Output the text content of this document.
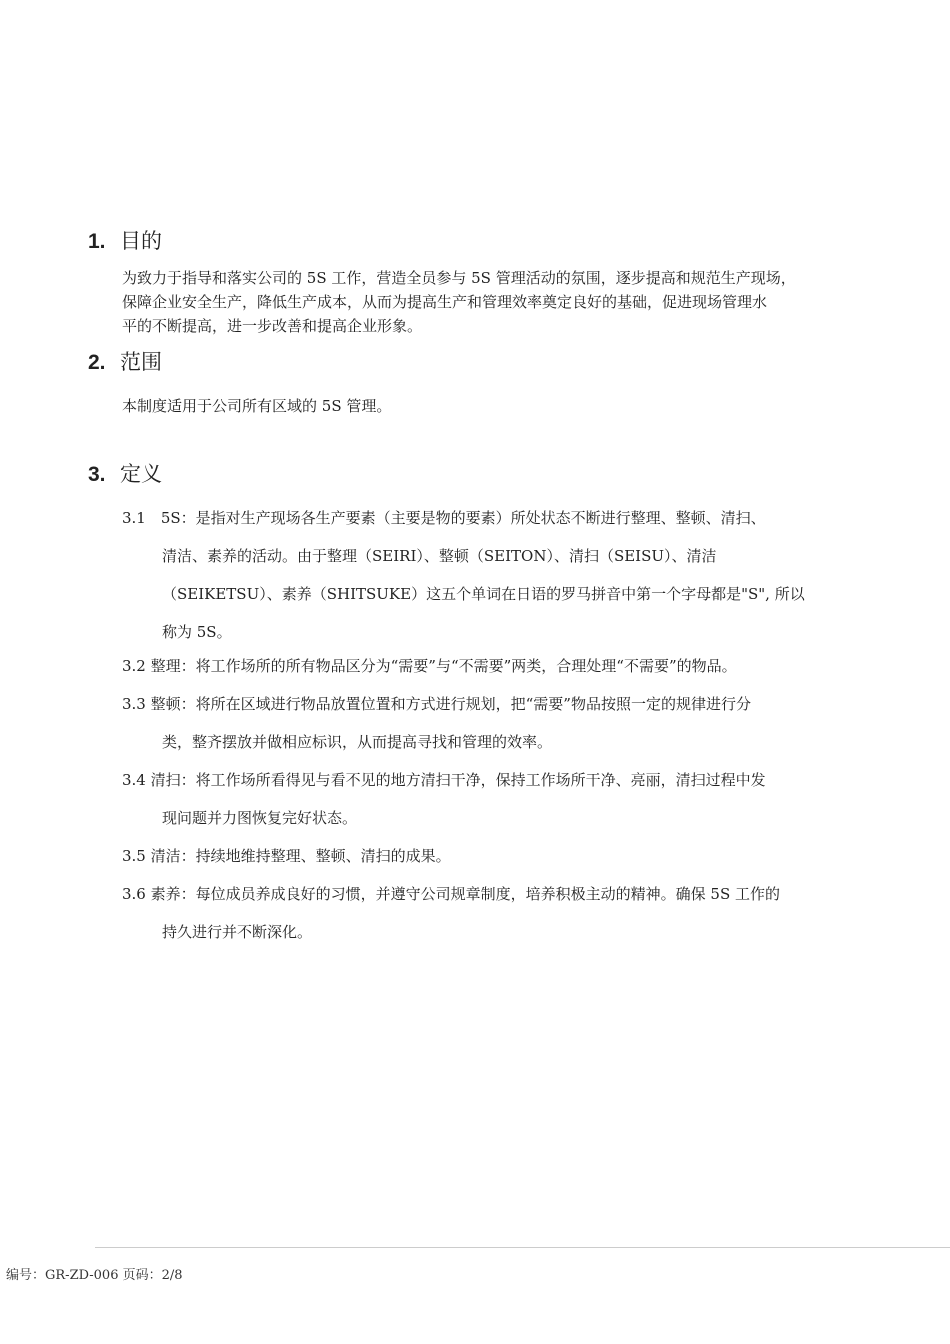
1. 目的
为致力于指导和落实公司的 5S 工作，营造全员参与 5S 管理活动的氛围，逐步提高和规范生产现场，
保障企业安全生产，降低生产成本，从而为提高生产和管理效率奠定良好的基础，促进现场管理水
平的不断提高，进一步改善和提高企业形象。
2. 范围
本制度适用于公司所有区域的 5S 管理。
3. 定义
3.1　5S：是指对生产现场各生产要素（主要是物的要素）所处状态不断进行整理、整顿、清扫、
清洁、素养的活动。由于整理（SEIRI）、整顿（SEITON）、清扫（SEISU）、清洁
（SEIKETSU）、素养（SHITSUKE）这五个单词在日语的罗马拼音中第一个字母都是"S", 所以
称为 5S。
3.2 整理：将工作场所的所有物品区分为“需要”与“不需要”两类，合理处理“不需要”的物品。
3.3 整顿：将所在区域进行物品放置位置和方式进行规划，把“需要”物品按照一定的规律进行分
类，整齐摆放并做相应标识，从而提高寻找和管理的效率。
3.4 清扫：将工作场所看得见与看不见的地方清扫干净，保持工作场所干净、亮丽，清扫过程中发
现问题并力图恢复完好状态。
3.5 清洁：持续地维持整理、整顿、清扫的成果。
3.6 素养：每位成员养成良好的习惯，并遵守公司规章制度，培养积极主动的精神。确保 5S 工作的
持久进行并不断深化。
编号：GR-ZD-006 页码：2/8
